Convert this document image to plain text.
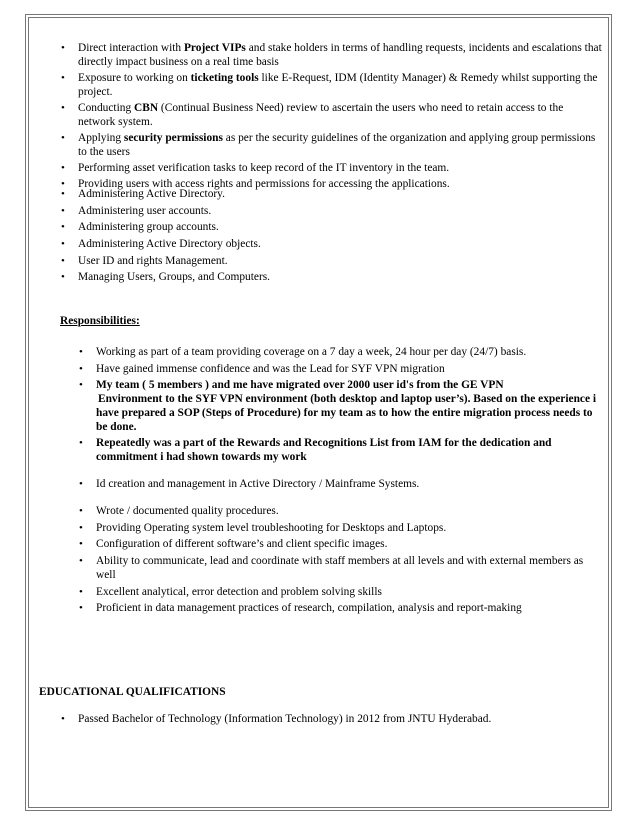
• Direct interaction with Project VIPs and stake holders in terms of handling requests, incidents and escalations that directly impact business on a real time basis
• Exposure to working on ticketing tools like E-Request, IDM (Identity Manager) & Remedy whilst supporting the project.
• Conducting CBN (Continual Business Need) review to ascertain the users who need to retain access to the network system.
• Applying security permissions as per the security guidelines of the organization and applying group permissions to the users
• Performing asset verification tasks to keep record of the IT inventory in the team.
• Providing users with access rights and permissions for accessing the applications.
• Administering Active Directory.
• Administering user accounts.
• Administering group accounts.
• Administering Active Directory objects.
• User ID and rights Management.
• Managing Users, Groups, and Computers.
Responsibilities:
• Working as part of a team providing coverage on a 7 day a week, 24 hour per day (24/7) basis.
• Have gained immense confidence and was the Lead for SYF VPN migration
• My team ( 5 members ) and me have migrated over 2000 user id's from the GE VPN
Environment to the SYF VPN environment (both desktop and laptop user’s). Based on the experience i have prepared a SOP (Steps of Procedure) for my team as to how the entire migration process needs to be done.
• Repeatedly was a part of the Rewards and Recognitions List from IAM for the dedication and commitment i had shown towards my work
• Id creation and management in Active Directory / Mainframe Systems.
• Wrote / documented quality procedures.
• Providing Operating system level troubleshooting for Desktops and Laptops.
• Configuration of different software’s and client specific images.
• Ability to communicate, lead and coordinate with staff members at all levels and with external members as well
• Excellent analytical, error detection and problem solving skills
• Proficient in data management practices of research, compilation, analysis and report-making
EDUCATIONAL QUALIFICATIONS
• Passed Bachelor of Technology (Information Technology) in 2012 from JNTU Hyderabad.
